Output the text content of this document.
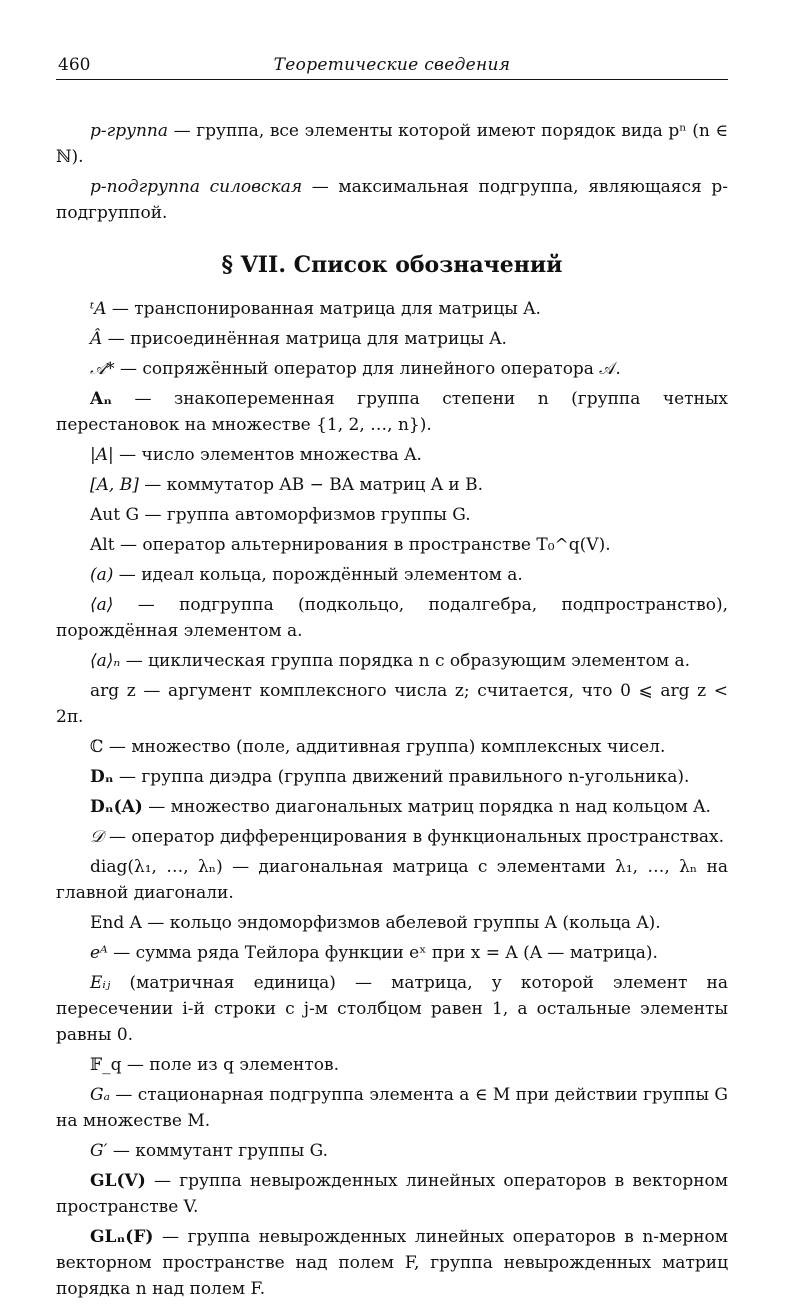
460	Теоретические сведения

p-группа — группа, все элементы которой имеют порядок вида pⁿ (n ∈ ℕ).

p-подгруппа силовская — максимальная подгруппа, являющаяся p-подгруппой.

§ VII. Список обозначений

ᵗA — транспонированная матрица для матрицы A.

Â — присоединённая матрица для матрицы A.

𝒜* — сопряжённый оператор для линейного оператора 𝒜.

Aₙ — знакопеременная группа степени n (группа четных перестановок на множестве {1, 2, …, n}).

|A| — число элементов множества A.

[A, B] — коммутатор AB − BA матриц A и B.

Aut G — группа автоморфизмов группы G.

Alt — оператор альтернирования в пространстве T₀^q(V).

(a) — идеал кольца, порождённый элементом a.

⟨a⟩ — подгруппа (подкольцо, подалгебра, подпространство), порождённая элементом a.

⟨a⟩ₙ — циклическая группа порядка n с образующим элементом a.

arg z — аргумент комплексного числа z; считается, что 0 ⩽ arg z < 2π.

ℂ — множество (поле, аддитивная группа) комплексных чисел.

Dₙ — группа диэдра (группа движений правильного n-угольника).

Dₙ(A) — множество диагональных матриц порядка n над кольцом A.

𝒟 — оператор дифференцирования в функциональных пространствах.

diag(λ₁, …, λₙ) — диагональная матрица с элементами λ₁, …, λₙ на главной диагонали.

End A — кольцо эндоморфизмов абелевой группы A (кольца A).

eᴬ — сумма ряда Тейлора функции eˣ при x = A (A — матрица).

Eᵢⱼ (матричная единица) — матрица, у которой элемент на пересечении i-й строки с j-м столбцом равен 1, а остальные элементы равны 0.

𝔽_q — поле из q элементов.

Gₐ — стационарная подгруппа элемента a ∈ M при действии группы G на множестве M.

G′ — коммутант группы G.

GL(V) — группа невырожденных линейных операторов в векторном пространстве V.

GLₙ(F) — группа невырожденных линейных операторов в n-мерном векторном пространстве над полем F, группа невырожденных матриц порядка n над полем F.
